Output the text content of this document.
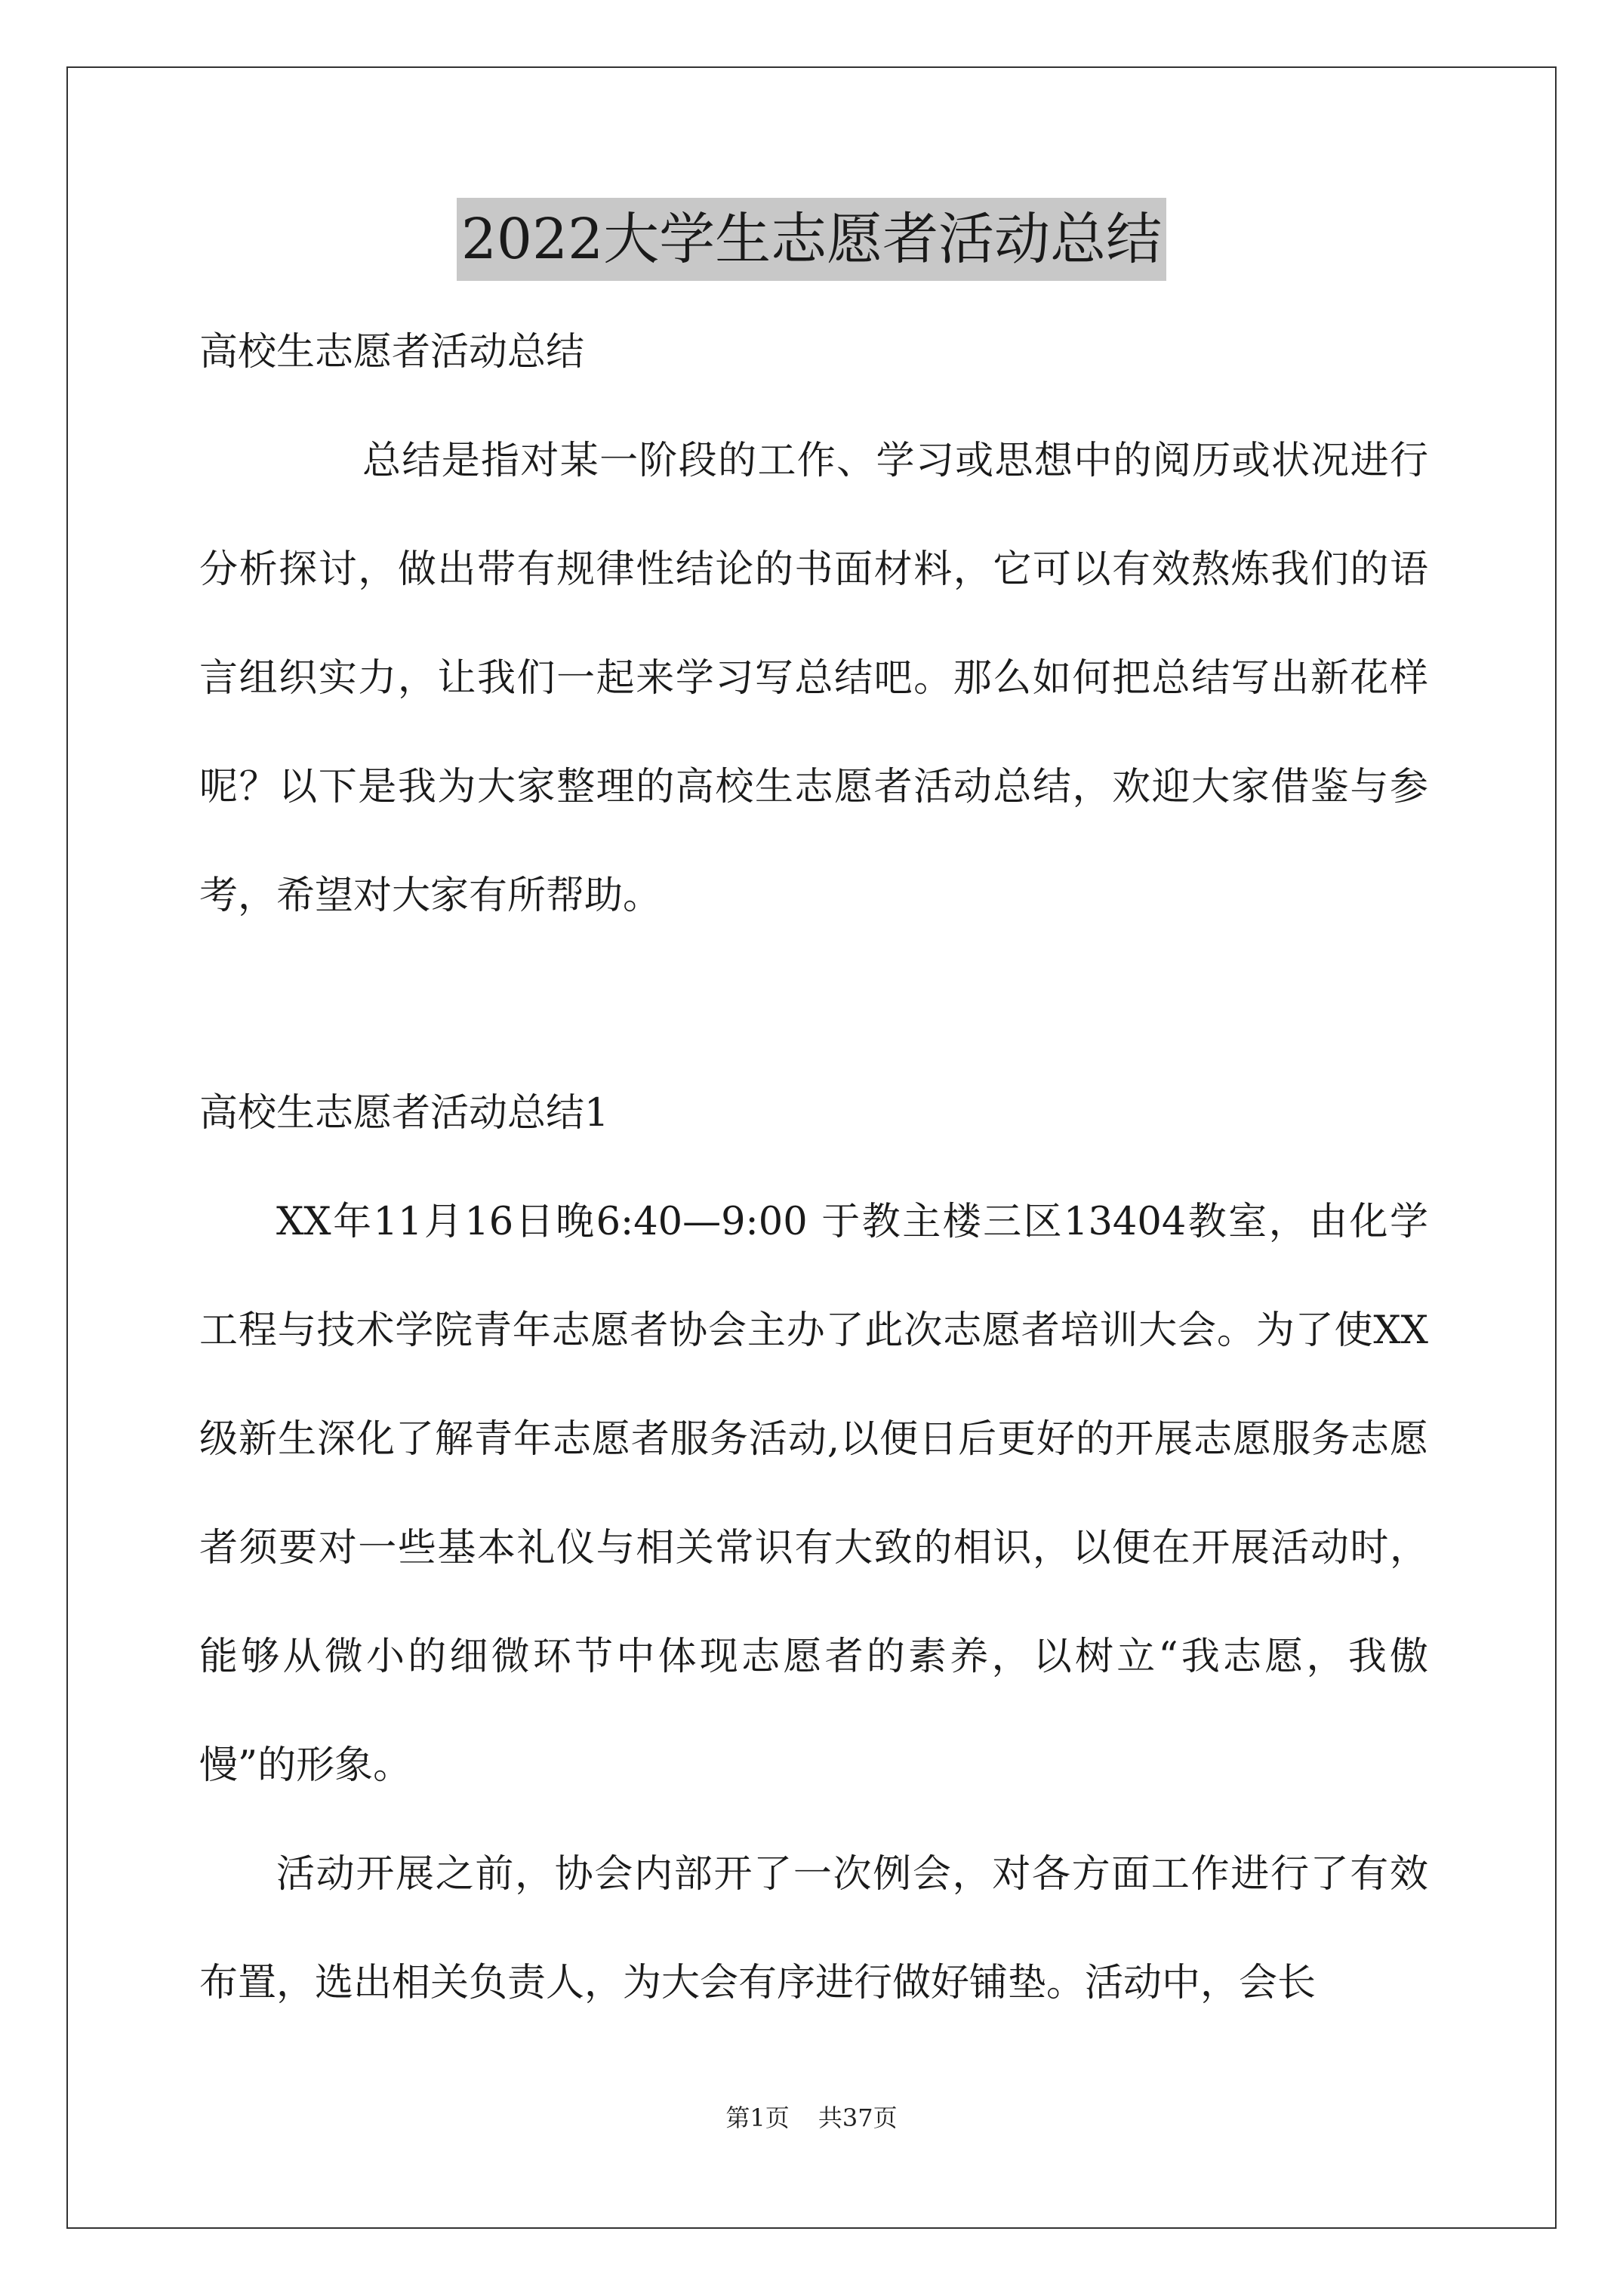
2022大学生志愿者活动总结

高校生志愿者活动总结

总结是指对某一阶段的工作、学习或思想中的阅历或状况进行分析探讨，做出带有规律性结论的书面材料，它可以有效熬炼我们的语言组织实力，让我们一起来学习写总结吧。那么如何把总结写出新花样呢？以下是我为大家整理的高校生志愿者活动总结，欢迎大家借鉴与参考，希望对大家有所帮助。

高校生志愿者活动总结1

XX年11月16日晚6:40—9:00 于教主楼三区13404教室，由化学工程与技术学院青年志愿者协会主办了此次志愿者培训大会。为了使XX级新生深化了解青年志愿者服务活动,以便日后更好的开展志愿服务志愿者须要对一些基本礼仪与相关常识有大致的相识，以便在开展活动时，能够从微小的细微环节中体现志愿者的素养，以树立“我志愿，我傲慢”的形象。

活动开展之前，协会内部开了一次例会，对各方面工作进行了有效布置，选出相关负责人，为大会有序进行做好铺垫。活动中，会长

第1页 共37页
